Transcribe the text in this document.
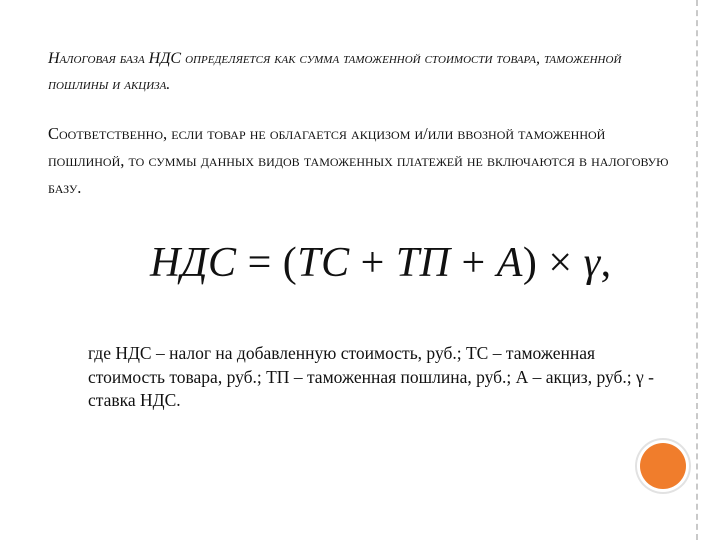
Налоговая база НДС определяется как сумма таможенной стоимости товара, таможенной пошлины и акциза.

Соответственно, если товар не облагается акцизом и/или ввозной таможенной пошлиной, то суммы данных видов таможенных платежей не включаются в налоговую базу.

НДС = (ТС + ТП + А) × γ,

где НДС – налог на добавленную стоимость, руб.; ТС – таможенная стоимость товара, руб.; ТП – таможенная пошлина, руб.; А – акциз, руб.; γ - ставка НДС.
